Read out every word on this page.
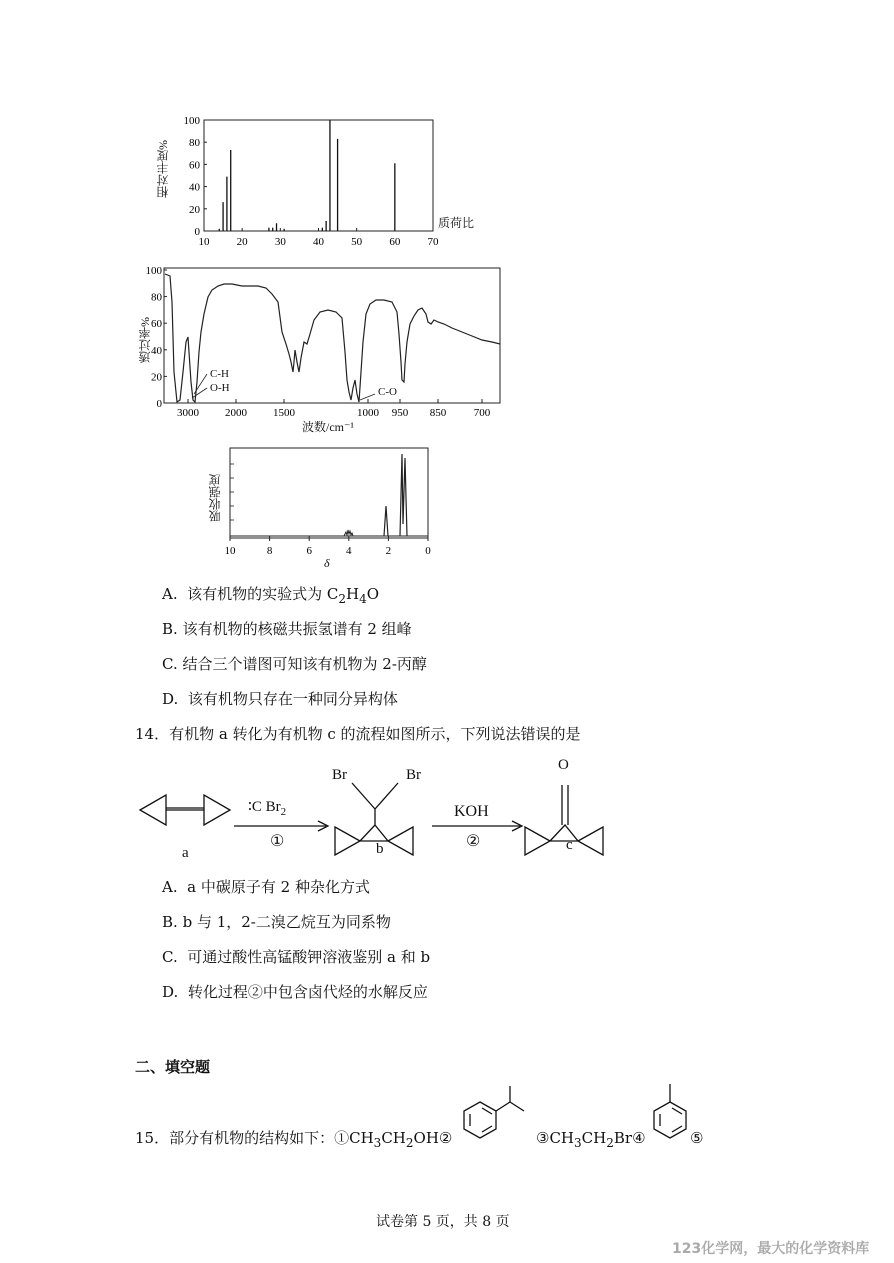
10 20 30 40 50 60 70
0
20
40
60
80
100
相对丰度%
质荷比
3000 2000 1500	1000 950 850	700
0
20
40
60
80
100
C-H
O-H	C-O
透过率%
波数/cm⁻¹
10	8	6	4	2	0
吸收强度
δ
A. 该有机物的实验式为 $C_2H_4O$
B. 该有机物的核磁共振氢谱有 2 组峰
C. 结合三个谱图可知该有机物为 2-丙醇
D. 该有机物只存在一种同分异构体
14．有机物 a 转化为有机物 c 的流程如图所示，下列说法错误的是
∶C $Br_2$
①
KOH
②
a	b	c
Br	Br
O
A. a 中碳原子有 2 种杂化方式
B. b 与 1，2-二溴乙烷互为同系物
C. 可通过酸性高锰酸钾溶液鉴别 a 和 b
D. 转化过程②中包含卤代烃的水解反应
二、填空题
15．部分有机物的结构如下：$①CH_3CH_2OH②$	$③CH_3CH_2Br④$	⑤
试卷第 5 页，共 8 页
123化学网，最大的化学资料库
